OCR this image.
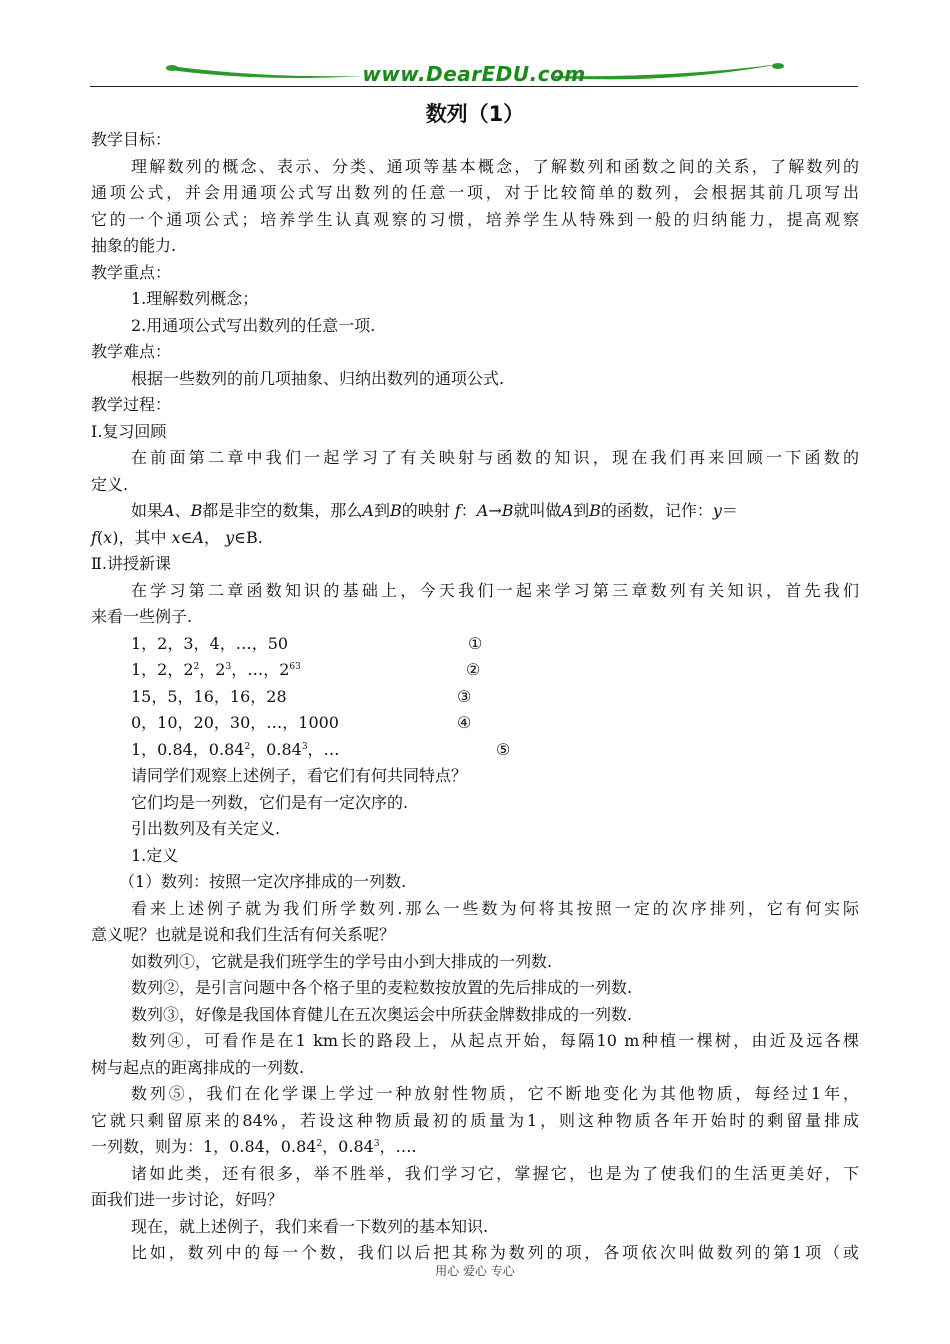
www.DearEDU.com
数列（1）
教学目标：
理解数列的概念、表示、分类、通项等基本概念，了解数列和函数之间的关系，了解数列的
通项公式，并会用通项公式写出数列的任意一项，对于比较简单的数列，会根据其前几项写出
它的一个通项公式；培养学生认真观察的习惯，培养学生从特殊到一般的归纳能力，提高观察
抽象的能力.
教学重点：
1.理解数列概念；
2.用通项公式写出数列的任意一项.
教学难点：
根据一些数列的前几项抽象、归纳出数列的通项公式.
教学过程：
Ⅰ.复习回顾
在前面第二章中我们一起学习了有关映射与函数的知识，现在我们再来回顾一下函数的
定义.
如果A、B都是非空的数集，那么A到B的映射 f：A→B就叫做A到B的函数，记作：y＝
f(x)，其中 x∈A， y∈B.
Ⅱ.讲授新课
在学习第二章函数知识的基础上，今天我们一起来学习第三章数列有关知识，首先我们
来看一些例子.
1，2，3，4，…，50	①
1，2，$2^2$，$2^3$，…，$2^{63}$	②
15，5，16，16，28	③
0，10，20，30，…，1000	④
1，0.84，0.84$^2$，0.84$^3$，…	⑤
请同学们观察上述例子，看它们有何共同特点？
它们均是一列数，它们是有一定次序的.
引出数列及有关定义.
1.定义
（1）数列：按照一定次序排成的一列数.
看来上述例子就为我们所学数列.那么一些数为何将其按照一定的次序排列，它有何实际
意义呢？也就是说和我们生活有何关系呢？
如数列①，它就是我们班学生的学号由小到大排成的一列数.
数列②，是引言问题中各个格子里的麦粒数按放置的先后排成的一列数.
数列③，好像是我国体育健儿在五次奥运会中所获金牌数排成的一列数.
数列④，可看作是在1 km长的路段上，从起点开始，每隔10 m种植一棵树，由近及远各棵
树与起点的距离排成的一列数.
数列⑤，我们在化学课上学过一种放射性物质，它不断地变化为其他物质，每经过1年，
它就只剩留原来的84%，若设这种物质最初的质量为1，则这种物质各年开始时的剩留量排成
一列数，则为：1，0.84，0.84$^2$，0.84$^3$，….
诸如此类，还有很多，举不胜举，我们学习它，掌握它，也是为了使我们的生活更美好，下
面我们进一步讨论，好吗？
现在，就上述例子，我们来看一下数列的基本知识.
比如，数列中的每一个数，我们以后把其称为数列的项，各项依次叫做数列的第1项（或
用心 爱心 专心
